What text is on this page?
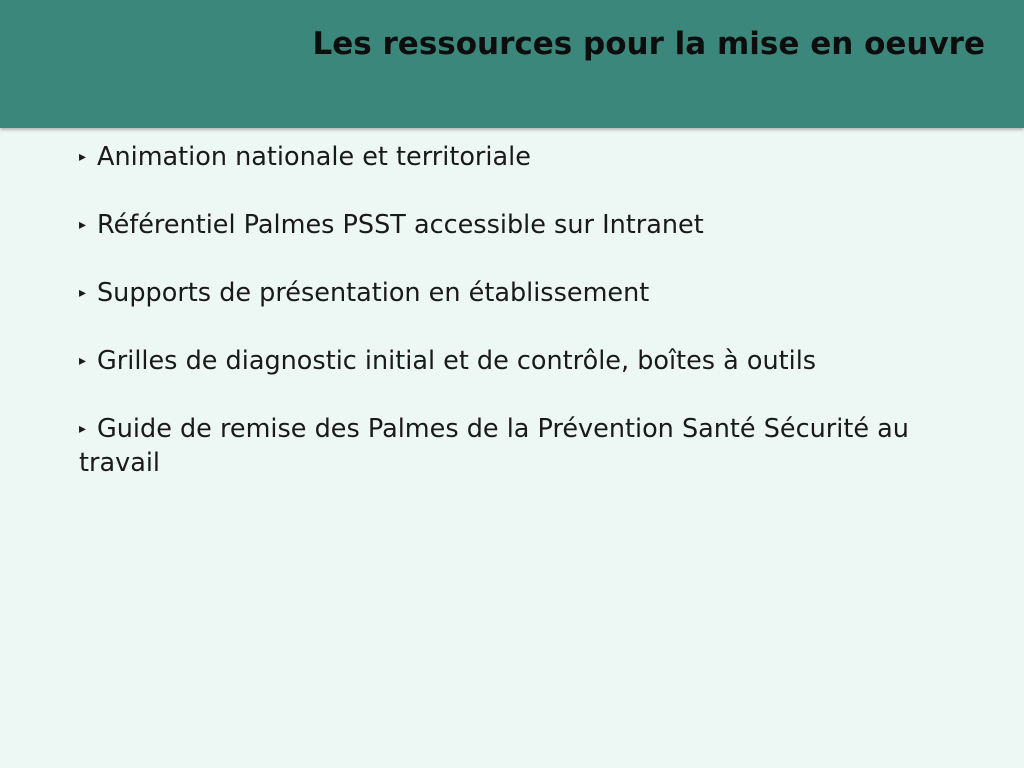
Les ressources pour la mise en oeuvre
▸ Animation nationale et territoriale
▸ Référentiel Palmes PSST accessible sur Intranet
▸ Supports de présentation en établissement
▸ Grilles de diagnostic initial et de contrôle, boîtes à outils
▸ Guide de remise des Palmes de la Prévention Santé Sécurité au travail
